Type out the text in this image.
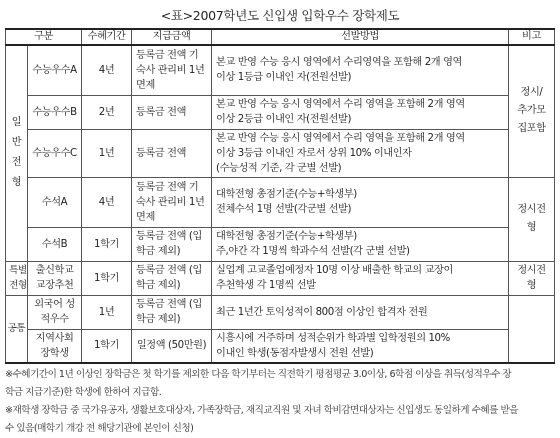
<표>2007학년도 신입생 입학우수 장학제도
구분		수혜기간	지급금액	선발방법	비고

일반전형	수능우수A	4년	등록금 전액 기숙사 관리비 1년 면제	본교 반영 수능 응시 영역에서 수리영역을 포함해 2개 영역
이상 1등급 이내인 자(전원선발)	정시/추가모집포함

	수능우수B	2년	등록금 전액	본교 반영 수능 응시 영역에서 수리 영역을 포함해 2개 영역
이상 2등급 이내인 자(전원선발)	

	수능우수C	1년	등록금 전액	본교 반영 수능 응시 영역에서 수리 영역을 포함해 2개 영역
이상 3등급 이내인 자로서 상위 10% 이내인자
(수능성적 기준, 각 군별 선발)	

	수석A	4년	등록금 전액 기숙사 관리비 1년 면제	대학전형 총점기준(수능+학생부)
전체수석 1명 선발(각군별 선발)	정시전형

	수석B	1학기	등록금 전액 (입학금 제외)	대학전형 총점기준(수능+학생부)
주,야간 각 1명씩 학과수석 선발(각 군별 선발)	

특별전형	출신학교 교장추천	1학기	등록금 전액 (입학금 제외)	실업계 고교졸업예정자 10명 이상 배출한 학교의 교장이
추천학생 각 1명씩 선발	정시전형

공통	외국어 성적우수	1년	등록금 전액 (입학금 제외)	최근 1년간 토익성적이 800점 이상인 합격자 전원	

	지역사회 장학생	1학기	일정액 (50만원)	시흥시에 거주하며 성적순위가 학과별 입학정원의 10%
이내인 학생(동점자발생시 전원 선발)	
※수혜기간이 1년 이상인 장학금은 첫 학기를 제외한 다음 학기부터는 직전학기 평점평균 3.0이상, 6학점 이상을 취득(성적우수 장
학금 지급기준)한 학생에 한하여 지급함.
※재학생 장학금 중 국가유공자, 생활보호대상자, 가족장학금, 재직교직원 및 자녀 학비감면대상자는 신입생도 동일하게 수혜를 받을
수 있음(매학기 개강 전 해당기관에 본인이 신청)
